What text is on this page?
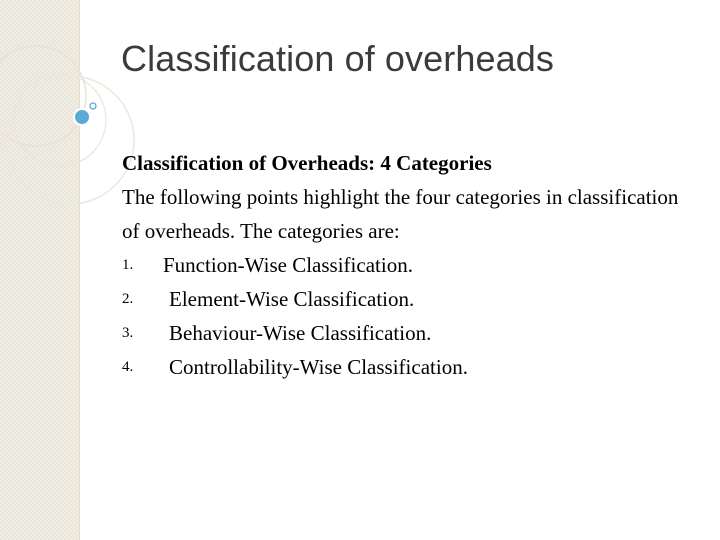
Classification of overheads
Classification of Overheads: 4 Categories
The following points highlight the four categories in classification of overheads. The categories are:
1. Function-Wise Classification.
2. Element-Wise Classification.
3. Behaviour-Wise Classification.
4. Controllability-Wise Classification.
